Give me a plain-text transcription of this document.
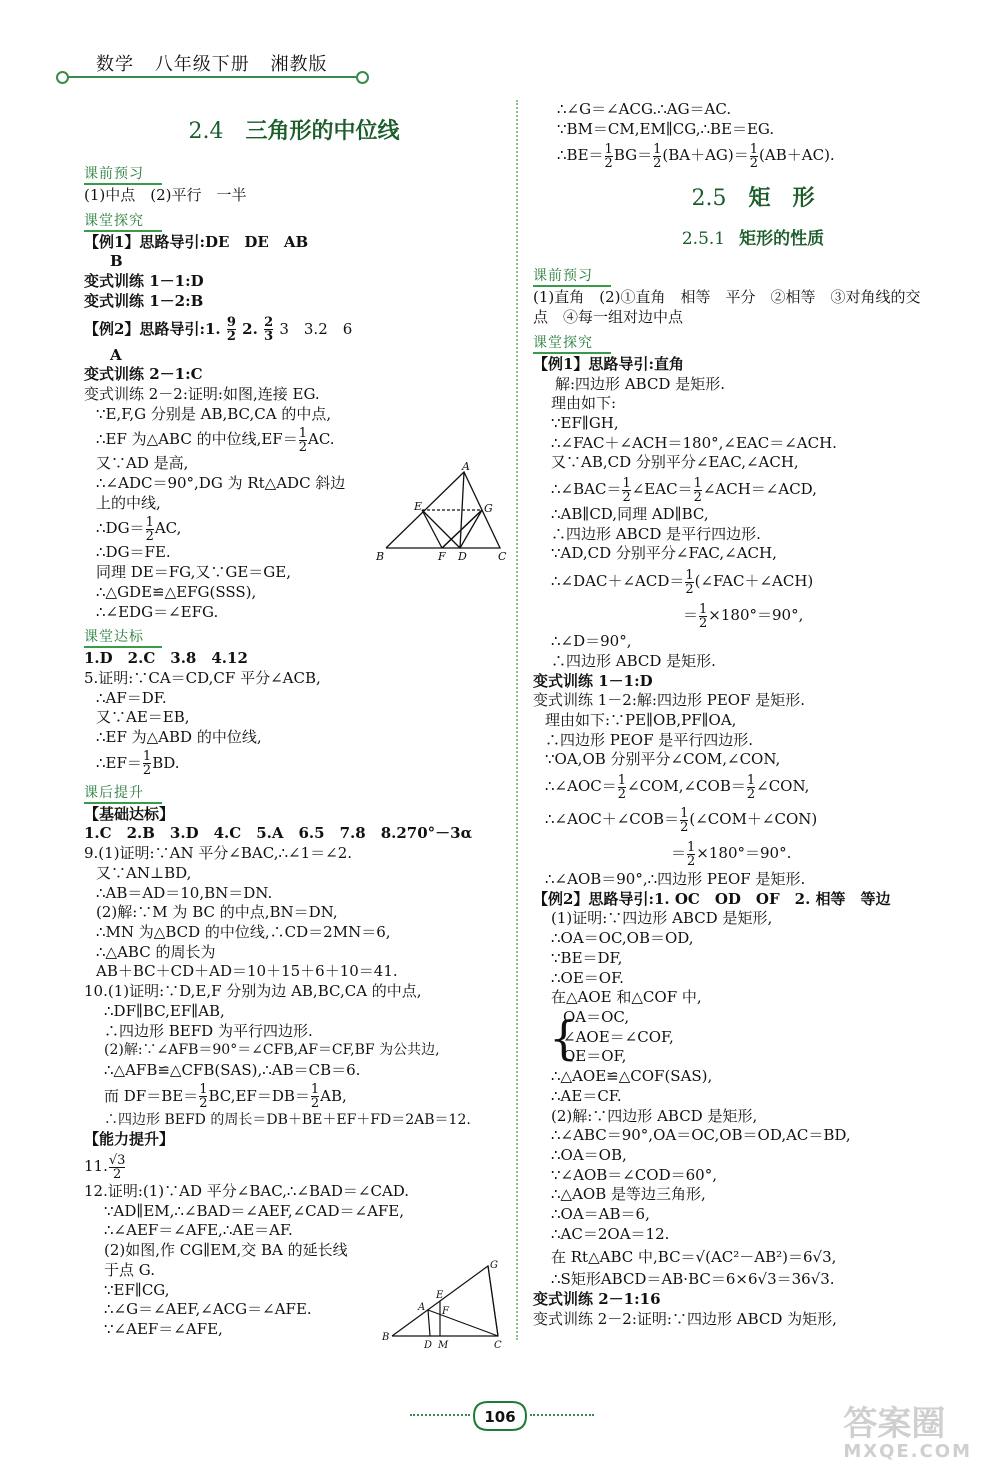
数学 八年级下册 湘教版
2.4 三角形的中位线
课前预习
(1)中点　(2)平行　一半
课堂探究
【例1】思路导引:DE　DE　AB
B
变式训练 1－1:D
变式训练 1－2:B
【例2】思路导引:1. $\frac{9}{2} 2$. $\frac{2}{3} 3$　3.2　6
A
变式训练 2－1:C
变式训练 2－2:证明:如图,连接 EG.
∵E,F,G 分别是 AB,BC,CA 的中点,
∴EF 为△ABC 的中位线$,EF= \frac{1}{2}$ AC.
又∵AD 是高,
∴∠ADC＝90°,DG 为 Rt△ADC 斜边
上的中线,
∴DG＝ $\frac{1}{2}$ AC,
∴DG＝FE.
同理 DE＝FG,又∵GE＝GE,
∴△GDE≌△EFG(SSS),
∴∠EDG＝∠EFG.
课堂达标
1.D　2.C　3.8　4.12
5.证明:∵CA＝CD,CF 平分∠ACB,
∴AF＝DF.
又∵AE＝EB,
∴EF 为△ABD 的中位线,
∴EF＝ $\frac{1}{2}$ BD.
课后提升
【基础达标】
1.C　2.B　3.D　4.C　5.A　6.5　7.8　8.270°－3α
9.(1)证明:∵AN 平分∠BAC,∴∠1＝∠2.
又∵AN⊥BD,
∴AB＝AD＝10,BN＝DN.
(2)解:∵M 为 BC 的中点,BN＝DN,
∴MN 为△BCD 的中位线,∴CD＝2MN＝6,
∴△ABC 的周长为
AB＋BC＋CD＋AD＝10＋15＋6＋10＝41.
10.(1)证明:∵D,E,F 分别为边 AB,BC,CA 的中点,
∴DF∥BC,EF∥AB,
∴四边形 BEFD 为平行四边形.
(2)解:∵∠AFB＝90°＝∠CFB,AF＝CF,BF 为公共边,
∴△AFB≌△CFB(SAS),∴AB＝CB＝6.
而 $DF=BE= \frac{1}{2} BC,EF=DB= \frac{1}{2}$ AB,
∴四边形 BEFD 的周长＝DB＋BE＋EF＋FD＝2AB＝12.
【能力提升】
11. $\frac{√3}{2}$
12.证明:(1)∵AD 平分∠BAC,∴∠BAD＝∠CAD.
∵AD∥EM,∴∠BAD＝∠AEF,∠CAD＝∠AFE,
∴∠AEF＝∠AFE,∴AE＝AF.
(2)如图,作 CG∥EM,交 BA 的延长线
于点 G.
∵EF∥CG,
∴∠G＝∠AEF,∠ACG＝∠AFE.
∵∠AEF＝∠AFE,
A
B	C
D
E
F
G
G
A
E
F
B
D M	C
∴∠G＝∠ACG.∴AG＝AC.
∵BM＝CM,EM∥CG,∴BE＝EG.
∴BE＝ $\frac{1}{2} BG= \frac{1}{2} (BA+AG)= \frac{1}{2} (AB+AC)$.
2.5 矩　形
2.5.1 矩形的性质
课前预习
(1)直角　(2)①直角　相等　平分　②相等　③对角线的交
点　④每一组对边中点
课堂探究
【例1】思路导引:直角
解:四边形 ABCD 是矩形.
理由如下:
∵EF∥GH,
∴∠FAC＋∠ACH＝180°,∠EAC＝∠ACH.
又∵AB,CD 分别平分∠EAC,∠ACH,
∴∠BAC＝ $\frac{1}{2}$ ∠EAC＝ $\frac{1}{2}$ ∠ACH＝∠ACD,
∴AB∥CD,同理 AD∥BC,
∴四边形 ABCD 是平行四边形.
∵AD,CD 分别平分∠FAC,∠ACH,
∴∠DAC＋∠ACD＝ $\frac{1}{2}$ (∠FAC＋∠ACH)
＝ $\frac{1}{2} \times 180^\circ=90^\circ$,
∴∠D＝90°,
∴四边形 ABCD 是矩形.
变式训练 1－1:D
变式训练 1－2:解:四边形 PEOF 是矩形.
理由如下:∵PE∥OB,PF∥OA,
∴四边形 PEOF 是平行四边形.
∵OA,OB 分别平分∠COM,∠CON,
∴∠AOC＝ $\frac{1}{2}$ ∠COM,∠COB＝ $\frac{1}{2}$ ∠CON,
∴∠AOC＋∠COB＝ $\frac{1}{2}$ (∠COM＋∠CON)
＝ $\frac{1}{2} \times 180^\circ=90^\circ$.
∴∠AOB＝90°,∴四边形 PEOF 是矩形.
【例2】思路导引:1. OC　OD　OF　2. 相等　等边
(1)证明:∵四边形 ABCD 是矩形,
∴OA＝OC,OB＝OD,
∵BE＝DF,
∴OE＝OF.
在△AOE 和△COF 中,
{
OA＝OC,
∠AOE＝∠COF,
OE＝OF,
∴△AOE≌△COF(SAS),
∴AE＝CF.
(2)解:∵四边形 ABCD 是矩形,
∴∠ABC＝90°,OA＝OC,OB＝OD,AC＝BD,
∴OA＝OB,
∵∠AOB＝∠COD＝60°,
∴△AOB 是等边三角形,
∴OA＝AB＝6,
∴AC＝2OA＝12.
在 Rt△ABC 中,BC＝√(AC²－AB²)＝6√3,
∴S矩形ABCD＝AB·BC＝6×6√3＝36√3.
变式训练 2－1:16
变式训练 2－2:证明:∵四边形 ABCD 为矩形,
106	答案圈
MXQE.COM
